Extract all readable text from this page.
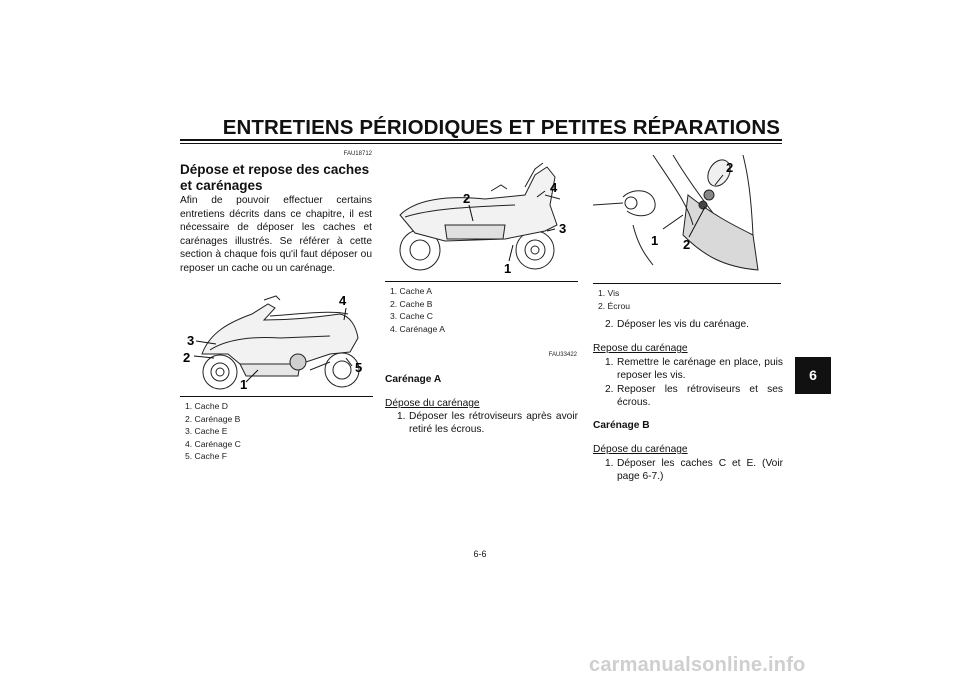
ENTRETIENS PÉRIODIQUES ET PETITES RÉPARATIONS
6
FAU18712
Dépose et repose des caches et carénages
Afin de pouvoir effectuer certains entretiens décrits dans ce chapitre, il est nécessaire de déposer les caches et carénages illustrés. Se référer à cette section à chaque fois qu'il faut déposer ou reposer un cache ou un carénage.
3
2
1
4
5
1. Cache D
2. Carénage B
3. Cache E
4. Carénage C
5. Cache F
2
4
3
1
1. Cache A
2. Cache B
3. Cache C
4. Carénage A
FAU33422
Carénage A
Dépose du carénage
1. Déposer les rétroviseurs après avoir retiré les écrous.
1 2
2
1. Vis
2. Écrou
2. Déposer les vis du carénage.
Repose du carénage
1. Remettre le carénage en place, puis reposer les vis.
2. Reposer les rétroviseurs et ses écrous.
Carénage B
Dépose du carénage
1. Déposer les caches C et E. (Voir page 6-7.)
6-6
carmanualsonline.info
